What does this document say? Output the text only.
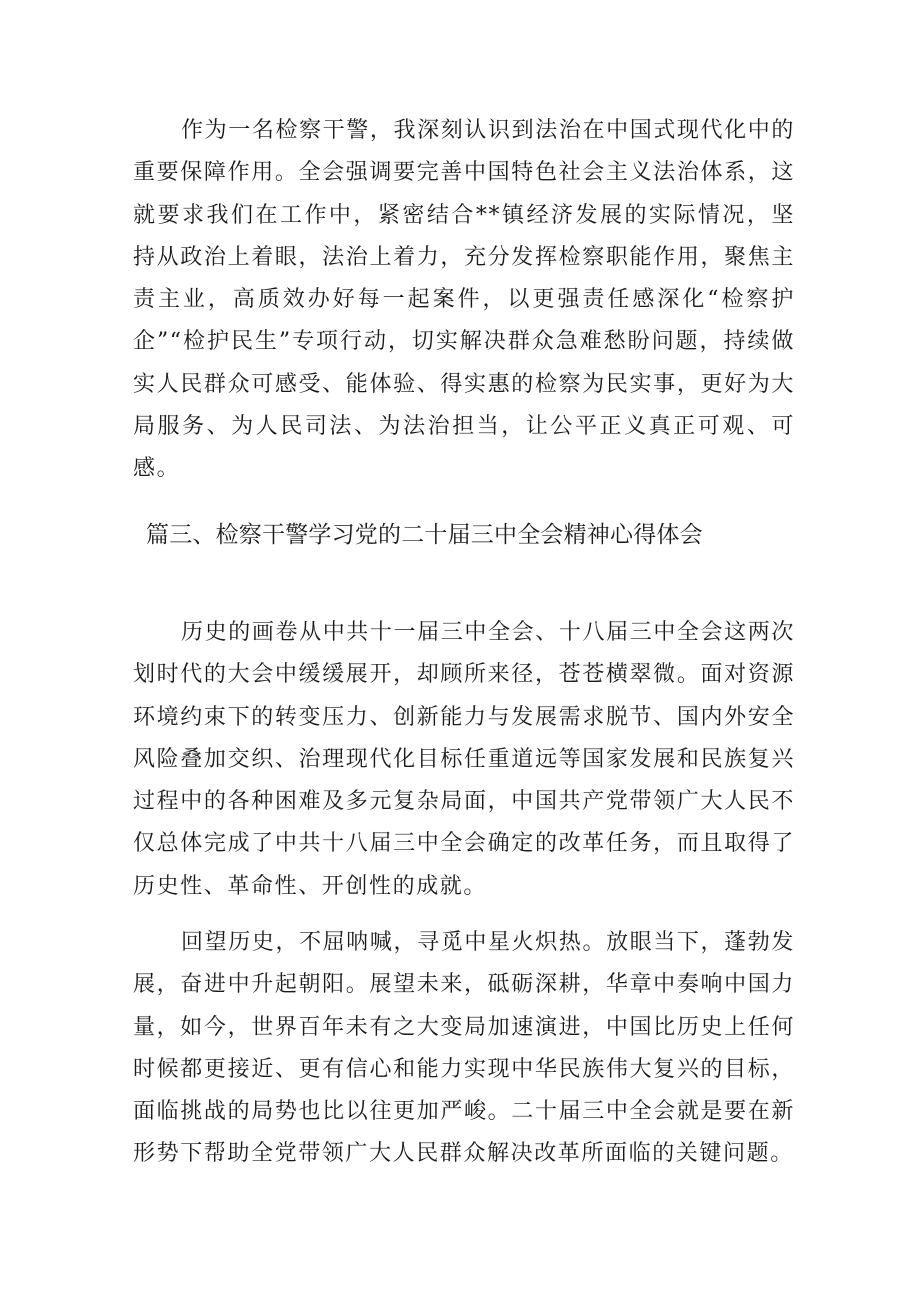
作为一名检察干警，我深刻认识到法治在中国式现代化中的重要保障作用。全会强调要完善中国特色社会主义法治体系，这就要求我们在工作中，紧密结合**镇经济发展的实际情况，坚持从政治上着眼，法治上着力，充分发挥检察职能作用，聚焦主责主业，高质效办好每一起案件，以更强责任感深化“检察护企”“检护民生”专项行动，切实解决群众急难愁盼问题，持续做实人民群众可感受、能体验、得实惠的检察为民实事，更好为大局服务、为人民司法、为法治担当，让公平正义真正可观、可感。

篇三、检察干警学习党的二十届三中全会精神心得体会

历史的画卷从中共十一届三中全会、十八届三中全会这两次划时代的大会中缓缓展开，却顾所来径，苍苍横翠微。面对资源环境约束下的转变压力、创新能力与发展需求脱节、国内外安全风险叠加交织、治理现代化目标任重道远等国家发展和民族复兴过程中的各种困难及多元复杂局面，中国共产党带领广大人民不仅总体完成了中共十八届三中全会确定的改革任务，而且取得了历史性、革命性、开创性的成就。

回望历史，不屈呐喊，寻觅中星火炽热。放眼当下，蓬勃发展，奋进中升起朝阳。展望未来，砥砺深耕，华章中奏响中国力量，如今，世界百年未有之大变局加速演进，中国比历史上任何时候都更接近、更有信心和能力实现中华民族伟大复兴的目标，面临挑战的局势也比以往更加严峻。二十届三中全会就是要在新形势下帮助全党带领广大人民群众解决改革所面临的关键问题。
